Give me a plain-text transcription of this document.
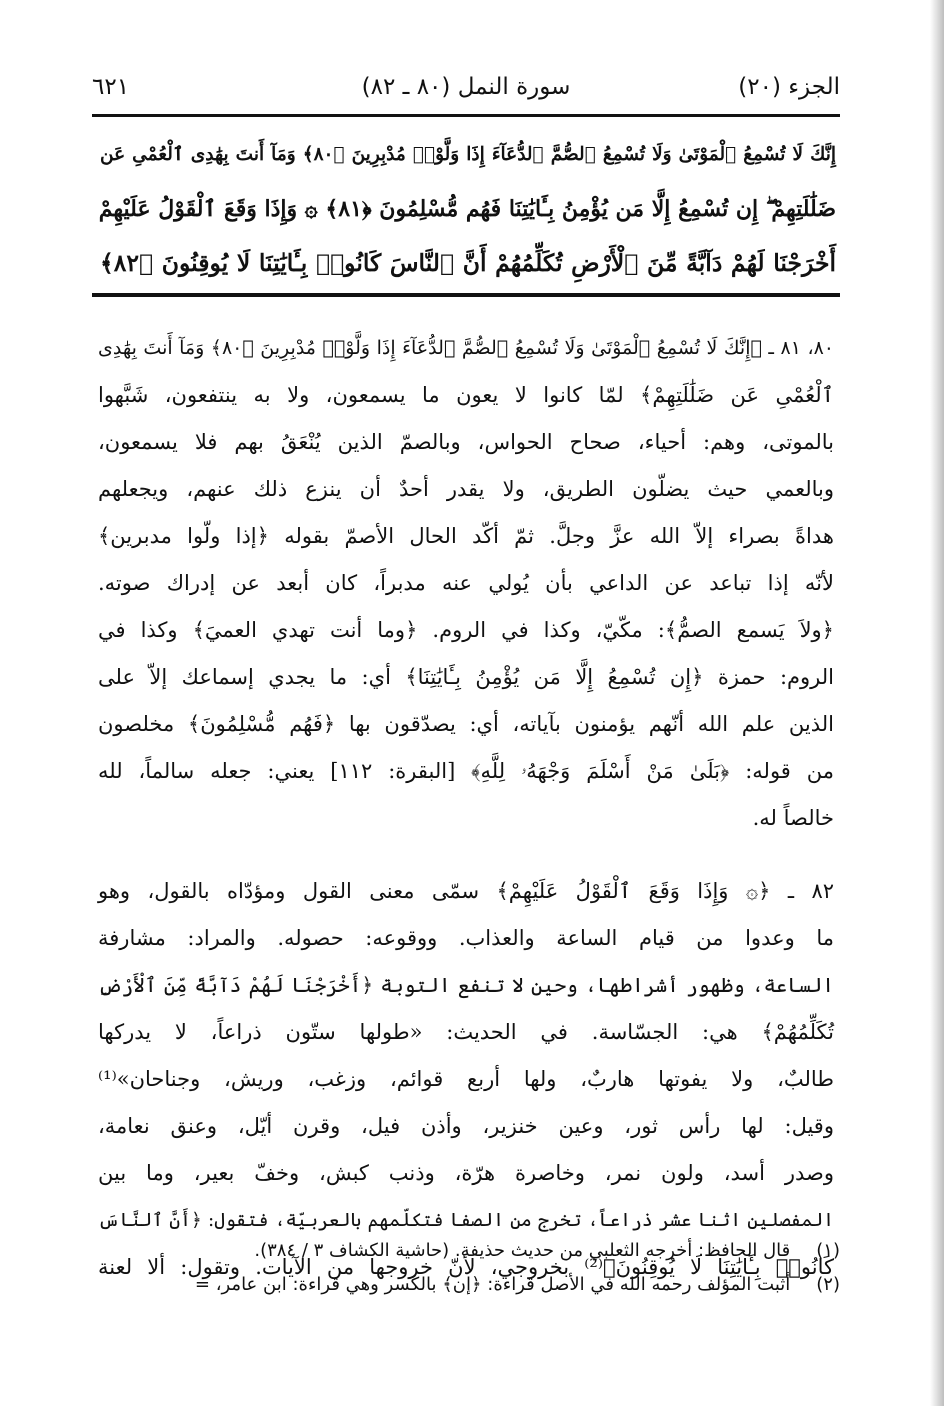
الجزء (٢٠)
سورة النمل (٨٠ ـ ٨٢)
٦٢١
إِنَّكَ لَا تُسْمِعُ ٱلْمَوْتَىٰ وَلَا تُسْمِعُ ٱلصُّمَّ ٱلدُّعَآءَ إِذَا وَلَّوْا۟ مُدْبِرِينَ ﴿٨٠﴾ وَمَآ أَنتَ بِهَٰدِى ٱلْعُمْىِ عَن
ضَلَٰلَتِهِمْ ۖ إِن تُسْمِعُ إِلَّا مَن يُؤْمِنُ بِـَٔايَٰتِنَا فَهُم مُّسْلِمُونَ ﴿٨١﴾ ۞ وَإِذَا وَقَعَ ٱلْقَوْلُ عَلَيْهِمْ
أَخْرَجْنَا لَهُمْ دَآبَّةً مِّنَ ٱلْأَرْضِ تُكَلِّمُهُمْ أَنَّ ٱلنَّاسَ كَانُوا۟ بِـَٔايَٰتِنَا لَا يُوقِنُونَ ﴿٨٢﴾
٨٠، ٨١ ـ ﴿إِنَّكَ لَا تُسْمِعُ ٱلْمَوْتَىٰ وَلَا تُسْمِعُ ٱلصُّمَّ ٱلدُّعَآءَ إِذَا وَلَّوْا۟ مُدْبِرِينَ ﴿٨٠﴾ وَمَآ أَنتَ بِهَٰدِى
ٱلْعُمْىِ عَن ضَلَٰلَتِهِمْ﴾ لمّا كانوا لا يعون ما يسمعون، ولا به ينتفعون، شَبَّهوا
بالموتى، وهم: أحياء، صحاح الحواس، وبالصمّ الذين يُنْعَقُ بهم فلا يسمعون،
وبالعمي حيث يضلّون الطريق، ولا يقدر أحدٌ أن ينزع ذلك عنهم، ويجعلهم
هداةً بصراء إلاّ الله عزَّ وجلَّ. ثمّ أكّد الحال الأصمّ بقوله ﴿إذا ولّوا مدبرين﴾
لأنّه إذا تباعد عن الداعي بأن يُولي عنه مدبراً، كان أبعد عن إدراك صوته.
﴿ولاَ يَسمع الصمُّ﴾: مكّيّ، وكذا في الروم. ﴿وما أنت تهدي العميَ﴾ وكذا في
الروم: حمزة ﴿إِن تُسْمِعُ إِلَّا مَن يُؤْمِنُ بِـَٔايَٰتِنَا﴾ أي: ما يجدي إسماعك إلاّ على
الذين علم الله أنّهم يؤمنون بآياته، أي: يصدّقون بها ﴿فَهُم مُّسْلِمُونَ﴾ مخلصون
من قوله: ﴿بَلَىٰ مَنْ أَسْلَمَ وَجْهَهُۥ لِلَّهِ﴾ [البقرة: ١١٢] يعني: جعله سالماً، لله
خالصاً له.
٨٢ ـ ﴿۞ وَإِذَا وَقَعَ ٱلْقَوْلُ عَلَيْهِمْ﴾ سمّى معنى القول ومؤدّاه بالقول، وهو
ما وعدوا من قيام الساعة والعذاب. ووقوعه: حصوله. والمراد: مشارفة
الساعة، وظهور أشراطها، وحين لا تنفع التوبة ﴿أَخْرَجْنَا لَهُمْ دَآبَّةً مِّنَ ٱلْأَرْضِ
تُكَلِّمُهُمْ﴾ هي: الجسّاسة. في الحديث: «طولها ستّون ذراعاً، لا يدركها
طالبٌ، ولا يفوتها هاربٌ، ولها أربع قوائم، وزغب، وريش، وجناحان»⁽¹⁾
وقيل: لها رأس ثور، وعين خنزير، وأذن فيل، وقرن أيّل، وعنق نعامة،
وصدر أسد، ولون نمر، وخاصرة هرّة، وذنب كبش، وخفّ بعير، وما بين
المفصلين اثنا عشر ذراعاً، تخرج من الصفا فتكلّمهم بالعربيّة، فتقول: ﴿أَنَّ ٱلنَّاسَ
كَانُوا۟ بِـَٔايَٰتِنَا لَا يُوقِنُونَ﴾⁽²⁾ بخروجي، لأنّ خروجها من الآيات. وتقول: ألا لعنة
(١) قال الحافظ: أخرجه الثعلبي من حديث حذيفة. (حاشية الكشاف ٣ / ٣٨٤).
(٢) أثبت المؤلف رحمه الله في الأصل قراءة: ﴿إن﴾ بالكسر وهي قراءة: ابن عامر، =
